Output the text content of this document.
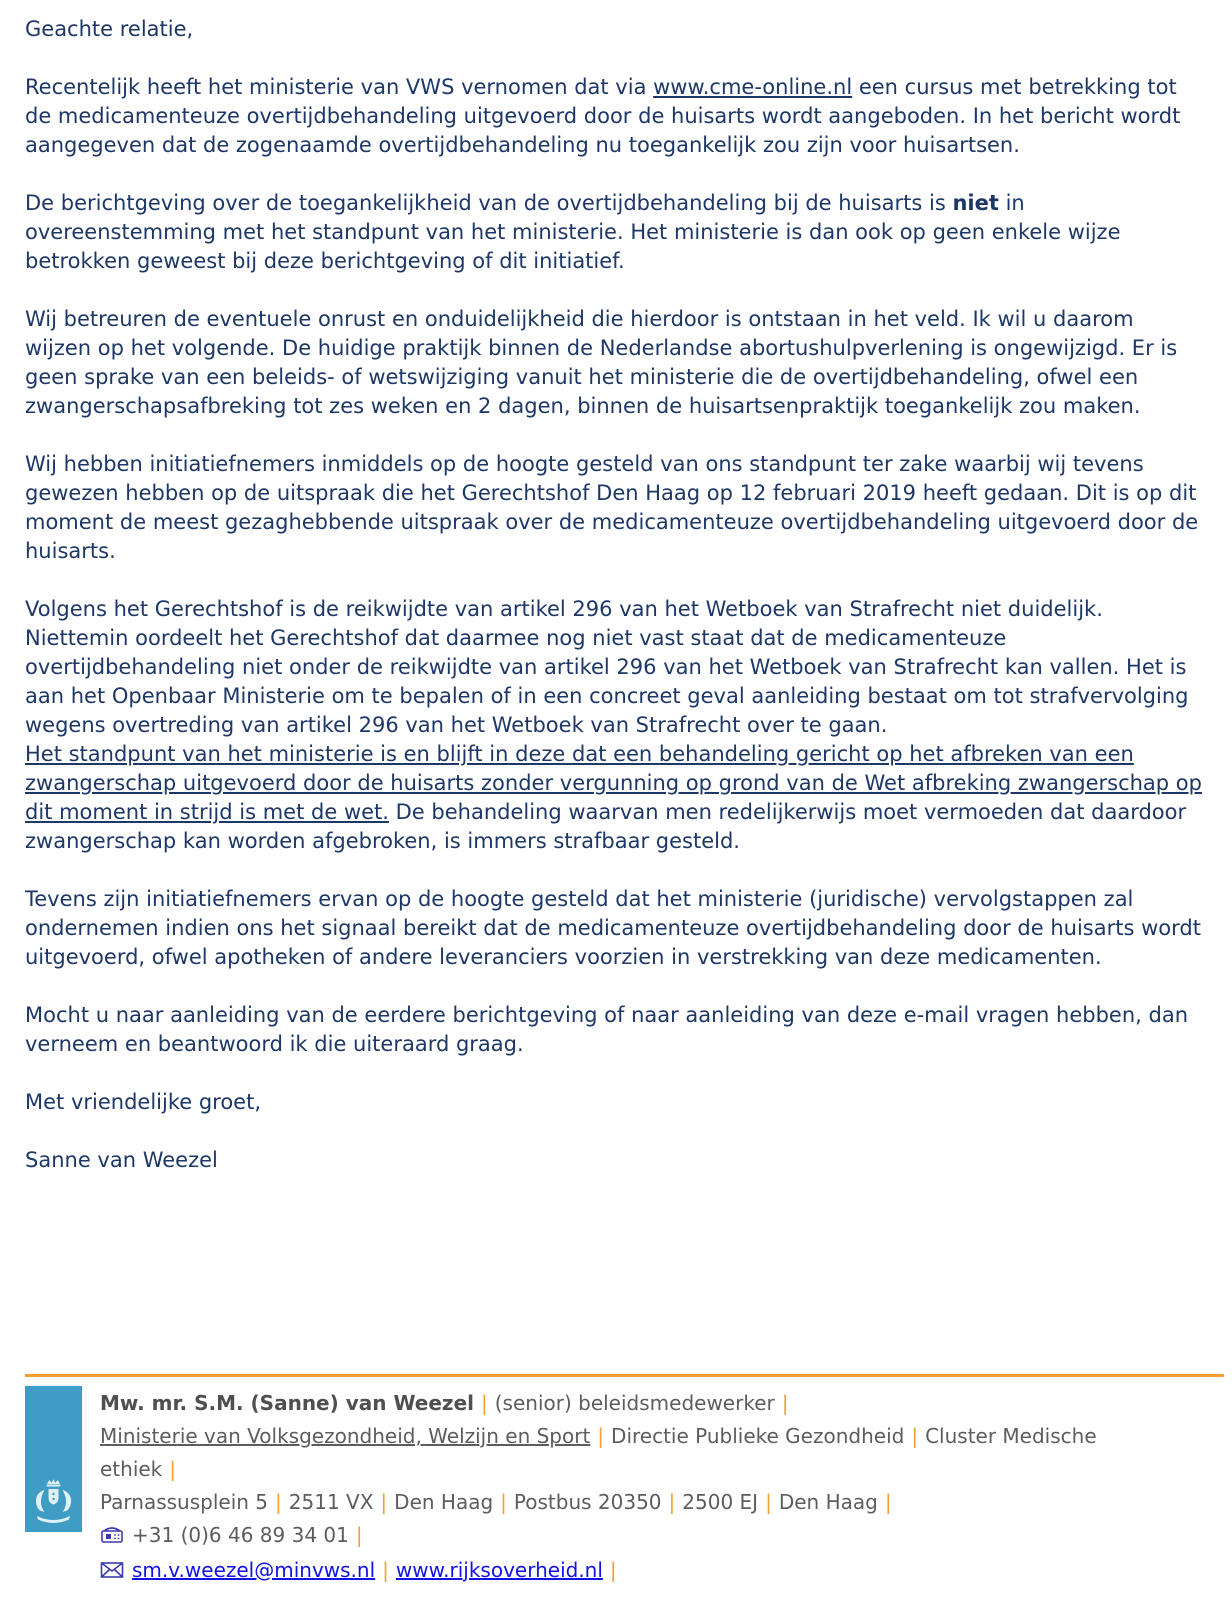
Geachte relatie,

Recentelijk heeft het ministerie van VWS vernomen dat via www.cme-online.nl een cursus met betrekking tot de medicamenteuze overtijdbehandeling uitgevoerd door de huisarts wordt aangeboden. In het bericht wordt aangegeven dat de zogenaamde overtijdbehandeling nu toegankelijk zou zijn voor huisartsen.

De berichtgeving over de toegankelijkheid van de overtijdbehandeling bij de huisarts is niet in overeenstemming met het standpunt van het ministerie. Het ministerie is dan ook op geen enkele wijze betrokken geweest bij deze berichtgeving of dit initiatief.

Wij betreuren de eventuele onrust en onduidelijkheid die hierdoor is ontstaan in het veld. Ik wil u daarom wijzen op het volgende. De huidige praktijk binnen de Nederlandse abortushulpverlening is ongewijzigd. Er is geen sprake van een beleids- of wetswijziging vanuit het ministerie die de overtijdbehandeling, ofwel een zwangerschapsafbreking tot zes weken en 2 dagen, binnen de huisartsenpraktijk toegankelijk zou maken.

Wij hebben initiatiefnemers inmiddels op de hoogte gesteld van ons standpunt ter zake waarbij wij tevens gewezen hebben op de uitspraak die het Gerechtshof Den Haag op 12 februari 2019 heeft gedaan. Dit is op dit moment de meest gezaghebbende uitspraak over de medicamenteuze overtijdbehandeling uitgevoerd door de huisarts.

Volgens het Gerechtshof is de reikwijdte van artikel 296 van het Wetboek van Strafrecht niet duidelijk. Niettemin oordeelt het Gerechtshof dat daarmee nog niet vast staat dat de medicamenteuze overtijdbehandeling niet onder de reikwijdte van artikel 296 van het Wetboek van Strafrecht kan vallen. Het is aan het Openbaar Ministerie om te bepalen of in een concreet geval aanleiding bestaat om tot strafvervolging wegens overtreding van artikel 296 van het Wetboek van Strafrecht over te gaan.

Het standpunt van het ministerie is en blijft in deze dat een behandeling gericht op het afbreken van een zwangerschap uitgevoerd door de huisarts zonder vergunning op grond van de Wet afbreking zwangerschap op dit moment in strijd is met de wet. De behandeling waarvan men redelijkerwijs moet vermoeden dat daardoor zwangerschap kan worden afgebroken, is immers strafbaar gesteld.

Tevens zijn initiatiefnemers ervan op de hoogte gesteld dat het ministerie (juridische) vervolgstappen zal ondernemen indien ons het signaal bereikt dat de medicamenteuze overtijdbehandeling door de huisarts wordt uitgevoerd, ofwel apotheken of andere leveranciers voorzien in verstrekking van deze medicamenten.

Mocht u naar aanleiding van de eerdere berichtgeving of naar aanleiding van deze e-mail vragen hebben, dan verneem en beantwoord ik die uiteraard graag.

Met vriendelijke groet,

Sanne van Weezel

Mw. mr. S.M. (Sanne) van Weezel | (senior) beleidsmedewerker |
Ministerie van Volksgezondheid, Welzijn en Sport | Directie Publieke Gezondheid | Cluster Medische ethiek |
Parnassusplein 5 | 2511 VX | Den Haag | Postbus 20350 | 2500 EJ | Den Haag |
+31 (0)6 46 89 34 01 |
sm.v.weezel@minvws.nl | www.rijksoverheid.nl |
